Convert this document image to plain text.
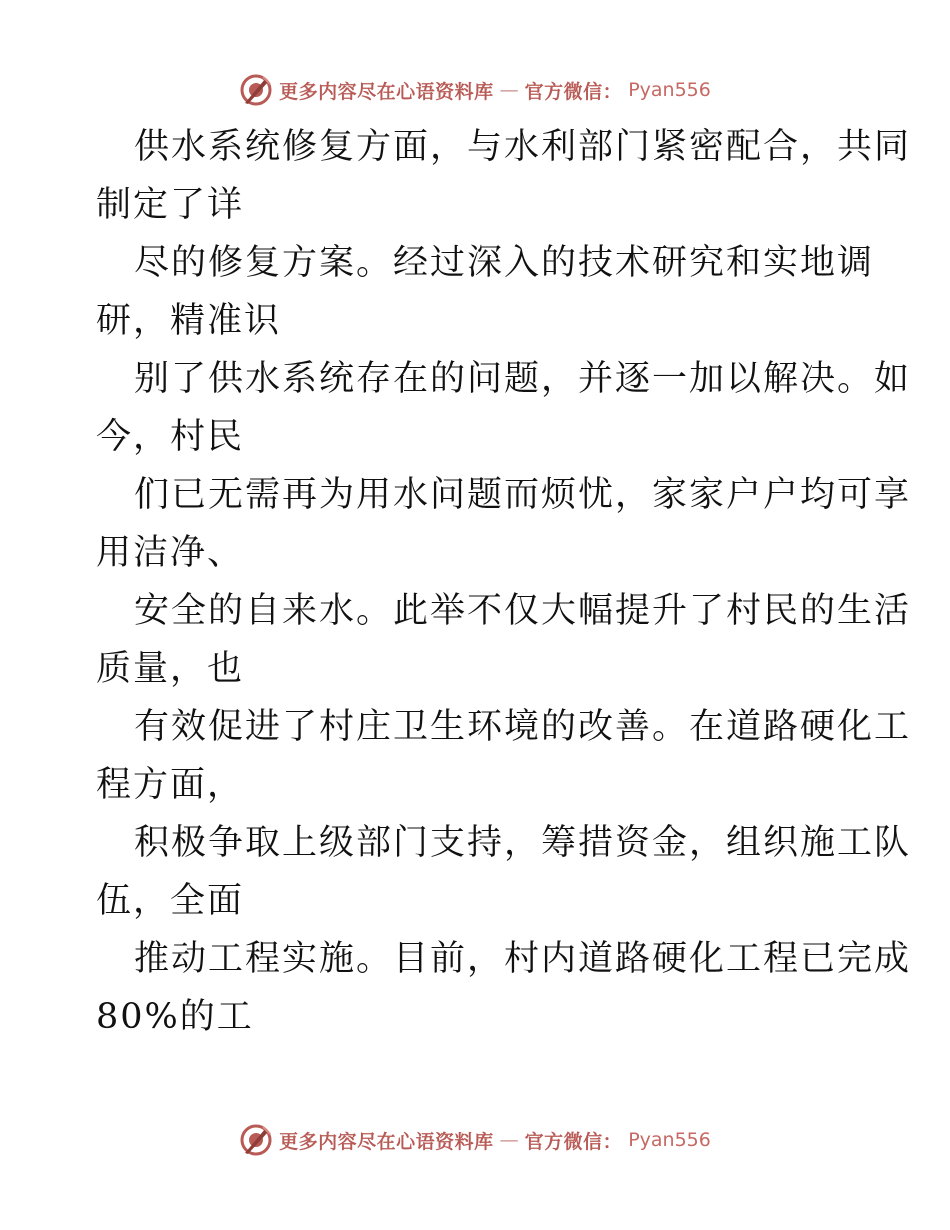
更多内容尽在心语资料库 — 官方微信： Pyan556
供水系统修复方面，与水利部门紧密配合，共同
制定了详
尽的修复方案。经过深入的技术研究和实地调
研，精准识
别了供水系统存在的问题，并逐一加以解决。如
今，村民
们已无需再为用水问题而烦忧，家家户户均可享
用洁净、
安全的自来水。此举不仅大幅提升了村民的生活
质量，也
有效促进了村庄卫生环境的改善。在道路硬化工
程方面，
积极争取上级部门支持，筹措资金，组织施工队
伍，全面
推动工程实施。目前，村内道路硬化工程已完成
80%的工
更多内容尽在心语资料库 — 官方微信： Pyan556
